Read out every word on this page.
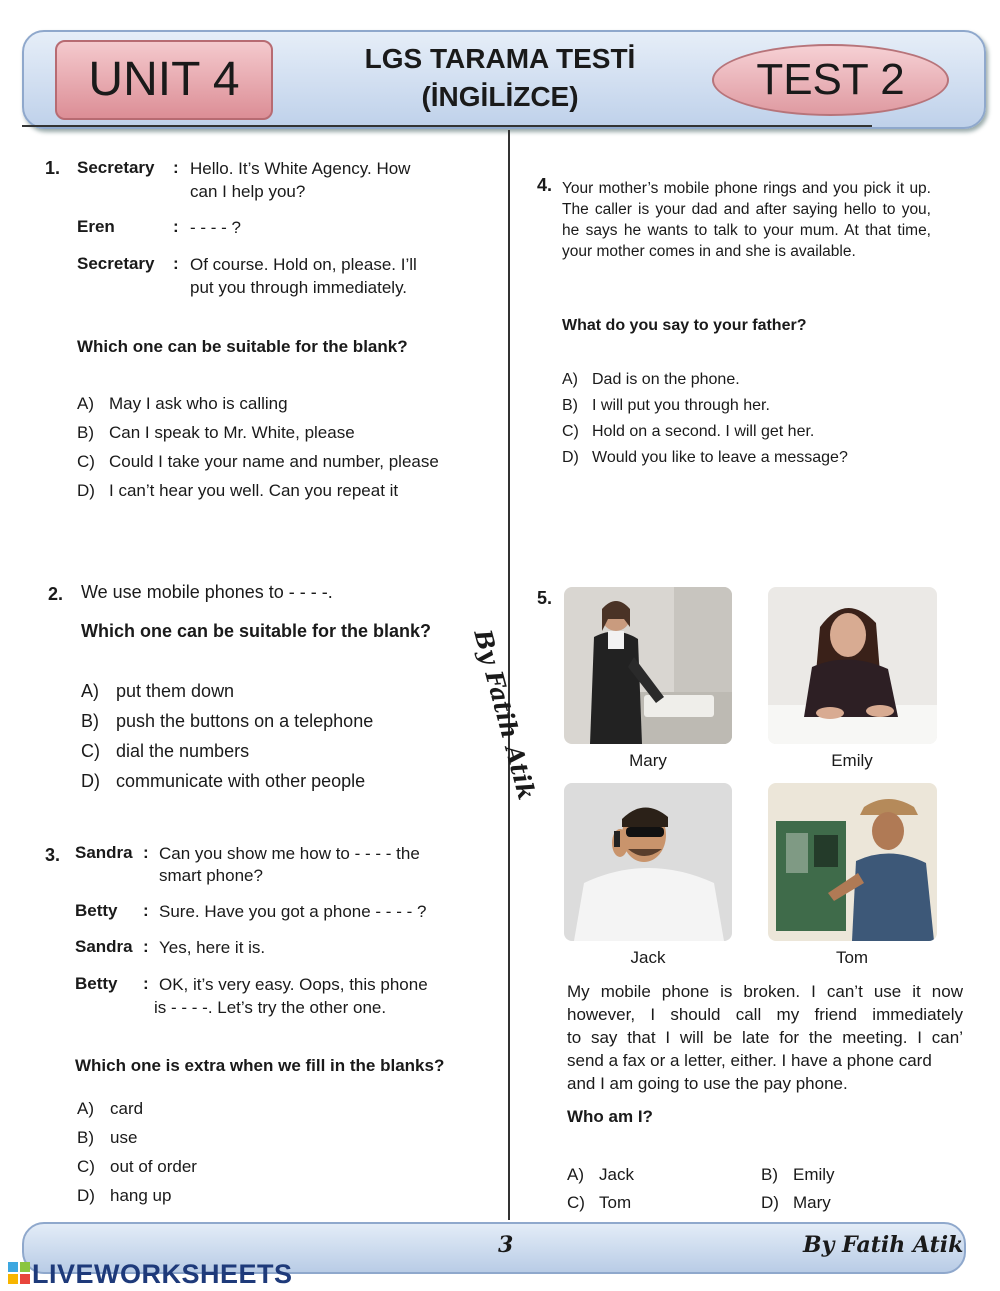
UNIT 4	LGS TARAMA TESTİ
(İNGİLİZCE)	TEST 2
1. Secretary : Hello. It’s White Agency. How
can I help you?
Eren	: - - - - ?
Secretary : Of course. Hold on, please. I’ll
put you through immediately.
Which one can be suitable for the blank?
A) May I ask who is calling
B) Can I speak to Mr. White, please
C) Could I take your name and number, please
D) I can’t hear you well. Can you repeat it
2. We use mobile phones to - - - -.
Which one can be suitable for the blank?
A) put them down
B) push the buttons on a telephone
C) dial the numbers
D) communicate with other people	By Fatih Atik
3. Sandra : Can you show me how to - - - - the
smart phone?
Betty : Sure. Have you got a phone - - - - ?
Sandra : Yes, here it is.
Betty : OK, it’s very easy. Oops, this phone
is - - - -. Let’s try the other one.
Which one is extra when we fill in the blanks?
A) card
B) use
C) out of order
D) hang up
4. Your mother’s mobile phone rings and you pick it up. The caller is your dad and after saying hello to you, he says he wants to talk to your mum. At that time, your mother comes in and she is available.
What do you say to your father?
A) Dad is on the phone.
B) I will put you through her.
C) Hold on a second. I will get her.
D) Would you like to leave a message?
5.
Mary	Emily
Jack	Tom
My mobile phone is broken. I can’t use it now
however, I should call my friend immediately
to say that I will be late for the meeting. I can’
send a fax or a letter, either. I have a phone card
and I am going to use the pay phone.
Who am I?
A) Jack	B) Emily
C) Tom	D) Mary
3	By Fatih Atik
LIVEWORKSHEETS
